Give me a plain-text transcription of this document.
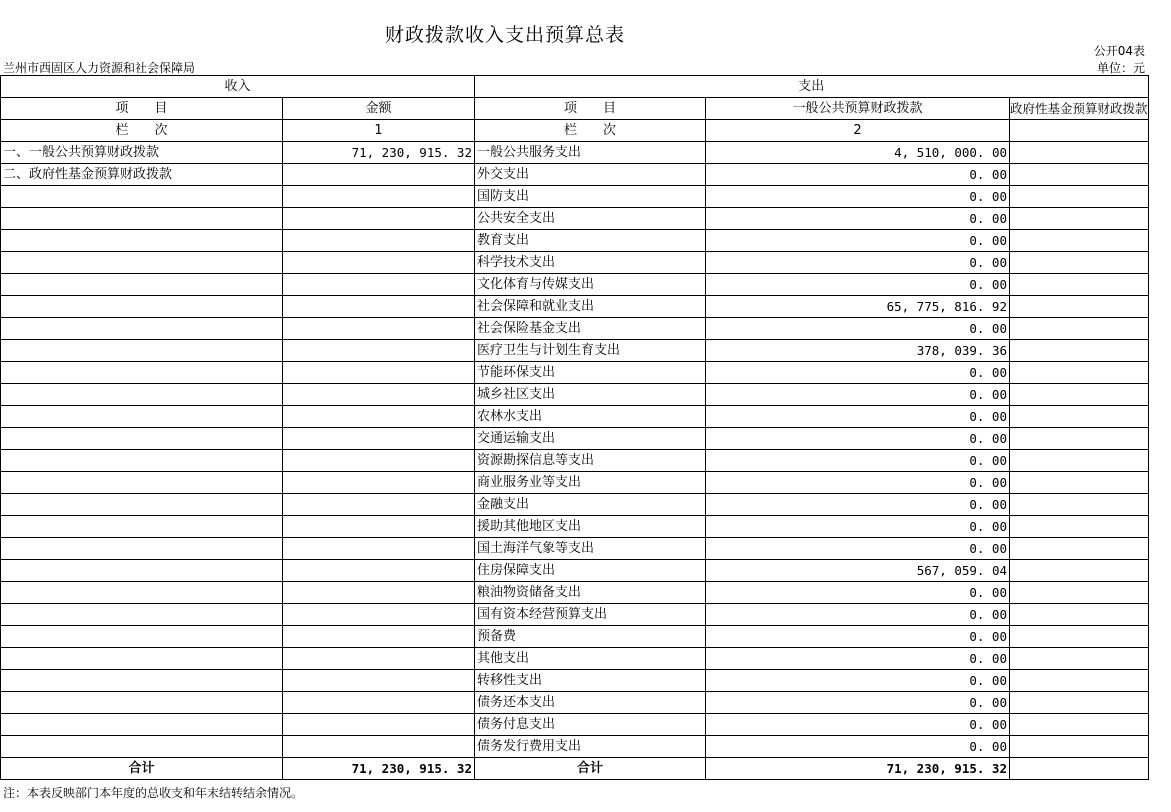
财政拨款收入支出预算总表
公开04表
兰州市西固区人力资源和社会保障局	单位：元
收入		支出		
项　　目	金额	项　　目	一般公共预算财政拨款	政府性基金预算财政拨款
栏　　次	1	栏　　次	2	
一、一般公共预算财政拨款	71, 230, 915. 32	一般公共服务支出	4, 510, 000. 00	
二、政府性基金预算财政拨款		外交支出	0. 00	
		国防支出	0. 00	
		公共安全支出	0. 00	
		教育支出	0. 00	
		科学技术支出	0. 00	
		文化体育与传媒支出	0. 00	
		社会保障和就业支出	65, 775, 816. 92	
		社会保险基金支出	0. 00	
		医疗卫生与计划生育支出	378, 039. 36	
		节能环保支出	0. 00	
		城乡社区支出	0. 00	
		农林水支出	0. 00	
		交通运输支出	0. 00	
		资源勘探信息等支出	0. 00	
		商业服务业等支出	0. 00	
		金融支出	0. 00	
		援助其他地区支出	0. 00	
		国土海洋气象等支出	0. 00	
		住房保障支出	567, 059. 04	
		粮油物资储备支出	0. 00	
		国有资本经营预算支出	0. 00	
		预备费	0. 00	
		其他支出	0. 00	
		转移性支出	0. 00	
		债务还本支出	0. 00	
		债务付息支出	0. 00	
		债务发行费用支出	0. 00	
合计	71, 230, 915. 32	合计	71, 230, 915. 32	
注：本表反映部门本年度的总收支和年末结转结余情况。
